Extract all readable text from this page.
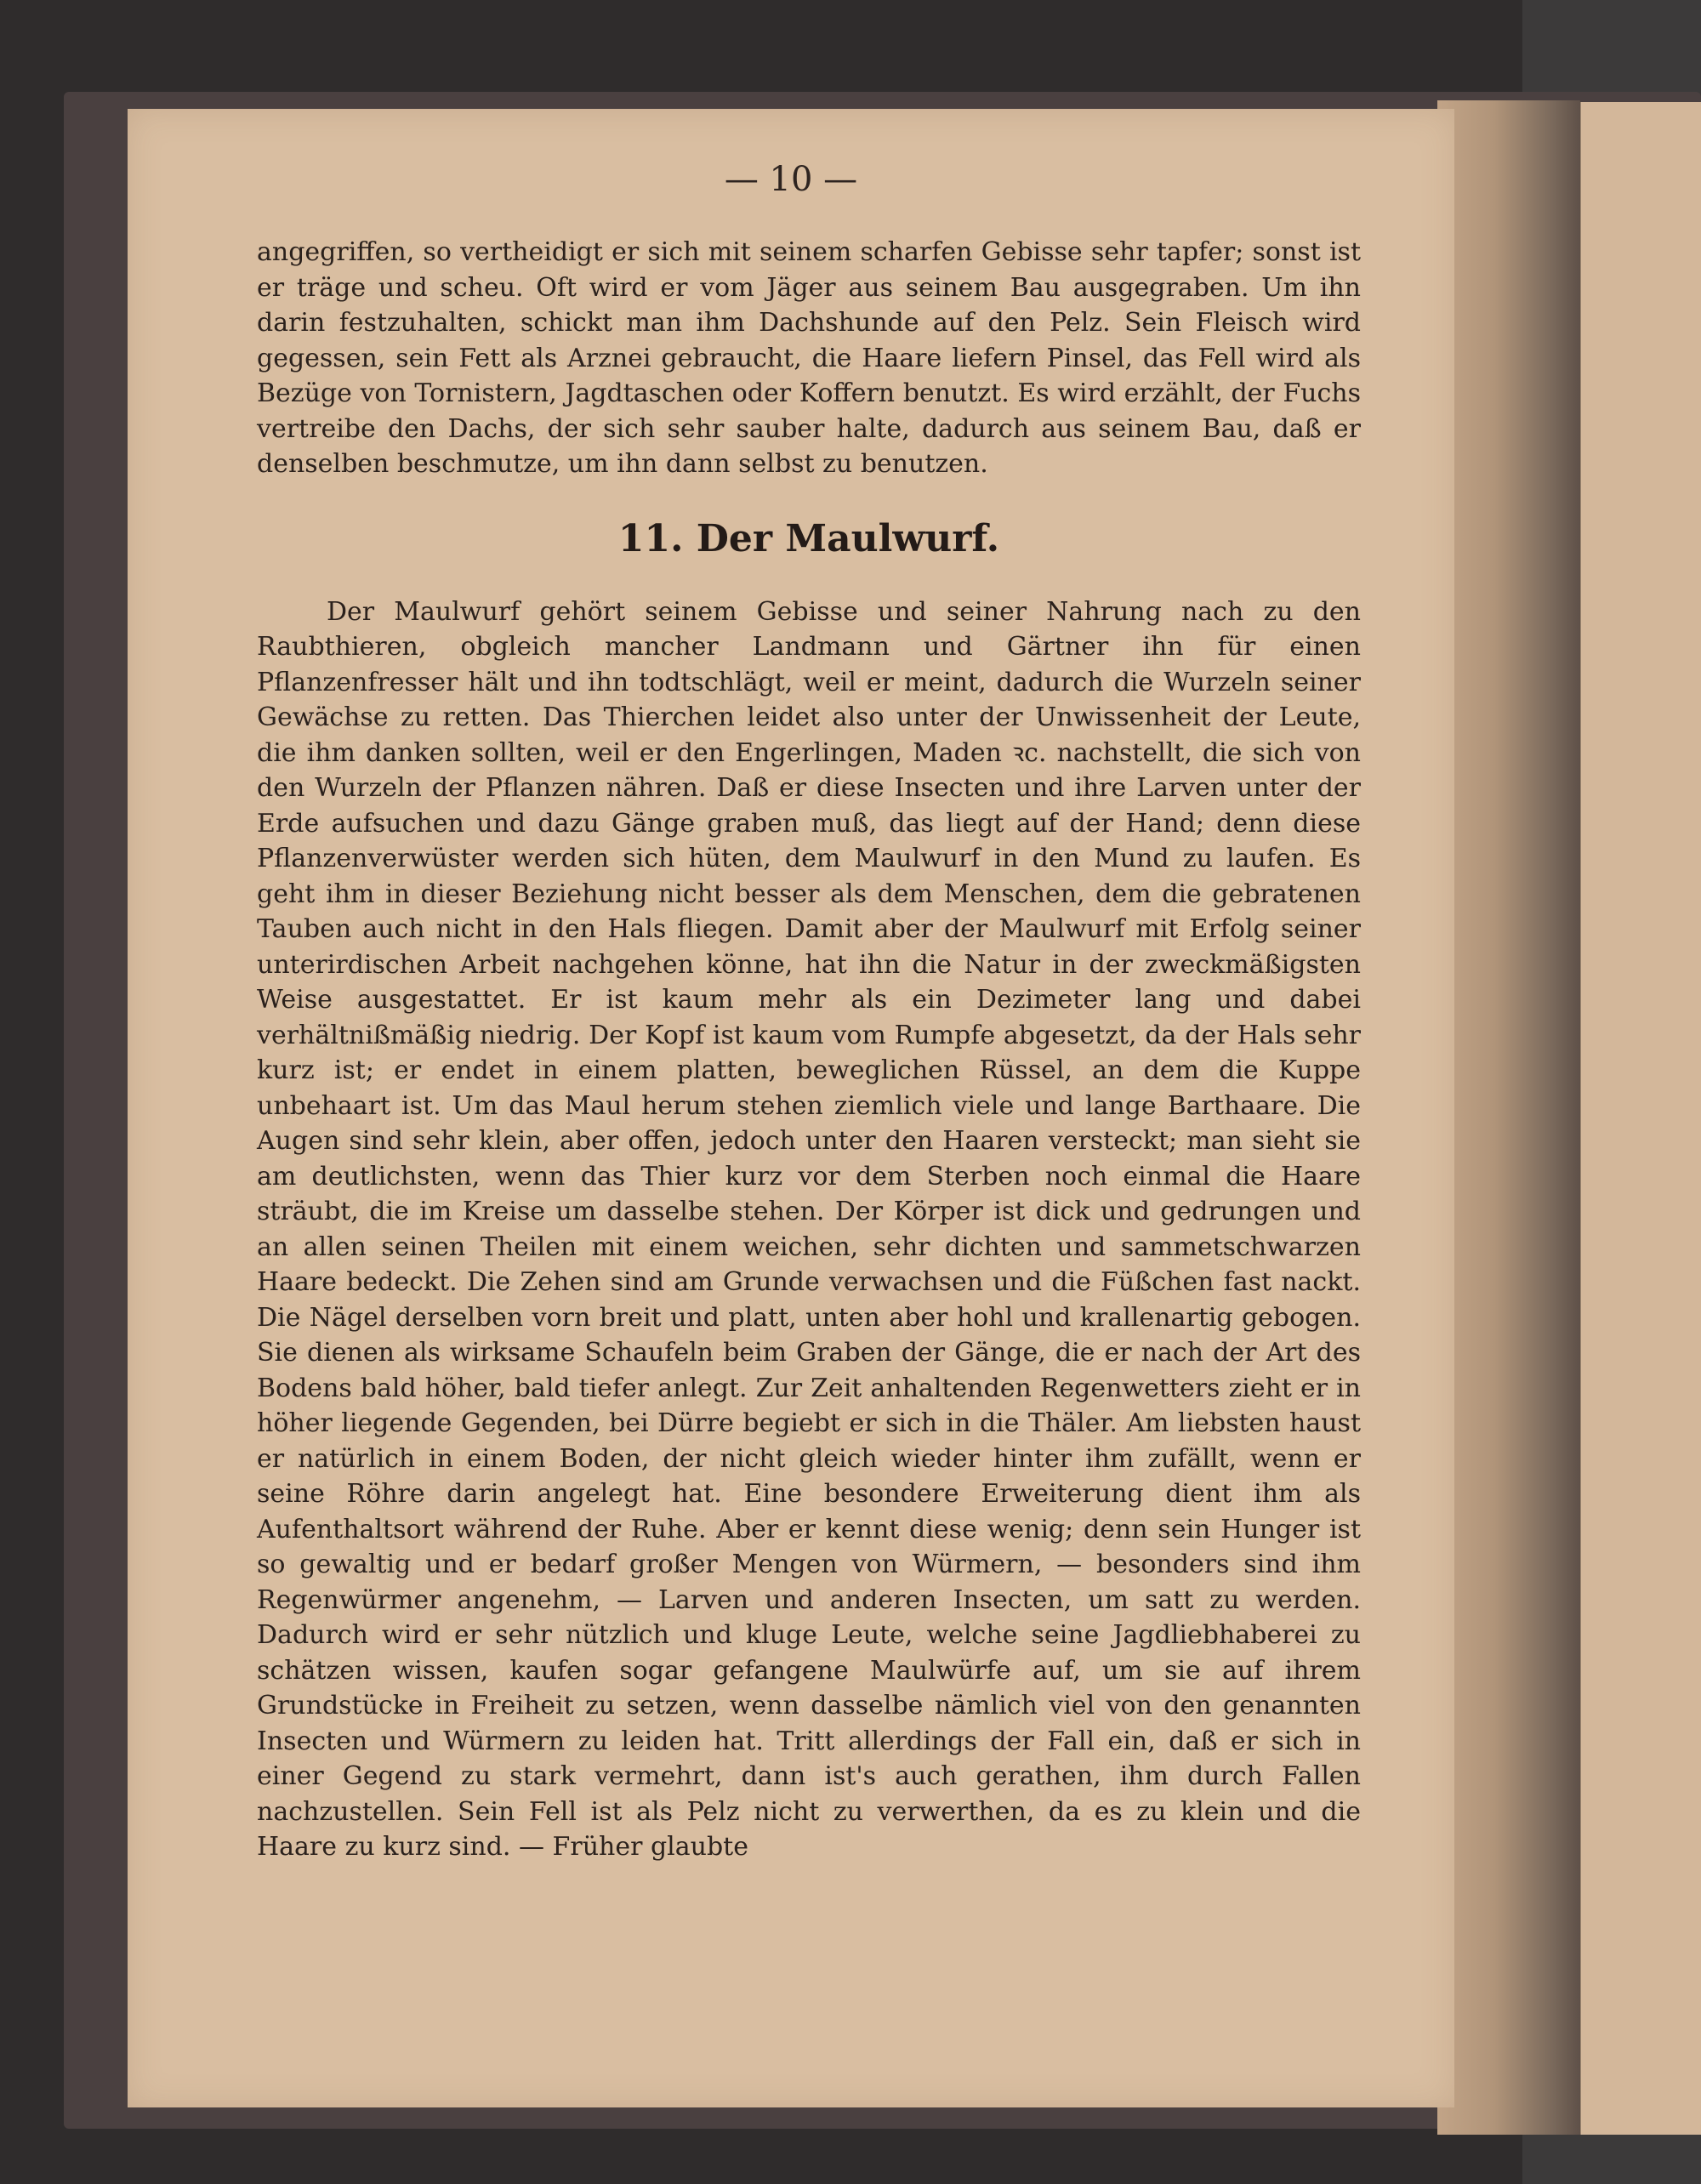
— 10 —

angegriffen, so vertheidigt er sich mit seinem scharfen Gebisse sehr tapfer; sonst ist er träge und scheu. Oft wird er vom Jäger aus seinem Bau ausgegraben. Um ihn darin festzuhalten, schickt man ihm Dachshunde auf den Pelz. Sein Fleisch wird gegessen, sein Fett als Arznei gebraucht, die Haare liefern Pinsel, das Fell wird als Bezüge von Tornistern, Jagdtaschen oder Koffern benutzt. Es wird erzählt, der Fuchs vertreibe den Dachs, der sich sehr sauber halte, dadurch aus seinem Bau, daß er denselben beschmutze, um ihn dann selbst zu benutzen.

11. Der Maulwurf.

Der Maulwurf gehört seinem Gebisse und seiner Nahrung nach zu den Raubthieren, obgleich mancher Landmann und Gärtner ihn für einen Pflanzenfresser hält und ihn todtschlägt, weil er meint, dadurch die Wurzeln seiner Gewächse zu retten. Das Thierchen leidet also unter der Unwissenheit der Leute, die ihm danken sollten, weil er den Engerlingen, Maden ꝛc. nachstellt, die sich von den Wurzeln der Pflanzen nähren. Daß er diese Insecten und ihre Larven unter der Erde aufsuchen und dazu Gänge graben muß, das liegt auf der Hand; denn diese Pflanzenverwüster werden sich hüten, dem Maulwurf in den Mund zu laufen. Es geht ihm in dieser Beziehung nicht besser als dem Menschen, dem die gebratenen Tauben auch nicht in den Hals fliegen. Damit aber der Maulwurf mit Erfolg seiner unterirdischen Arbeit nachgehen könne, hat ihn die Natur in der zweckmäßigsten Weise ausgestattet. Er ist kaum mehr als ein Dezimeter lang und dabei verhältnißmäßig niedrig. Der Kopf ist kaum vom Rumpfe abgesetzt, da der Hals sehr kurz ist; er endet in einem platten, beweglichen Rüssel, an dem die Kuppe unbehaart ist. Um das Maul herum stehen ziemlich viele und lange Barthaare. Die Augen sind sehr klein, aber offen, jedoch unter den Haaren versteckt; man sieht sie am deutlichsten, wenn das Thier kurz vor dem Sterben noch einmal die Haare sträubt, die im Kreise um dasselbe stehen. Der Körper ist dick und gedrungen und an allen seinen Theilen mit einem weichen, sehr dichten und sammetschwarzen Haare bedeckt. Die Zehen sind am Grunde verwachsen und die Füßchen fast nackt. Die Nägel derselben vorn breit und platt, unten aber hohl und krallenartig gebogen. Sie dienen als wirksame Schaufeln beim Graben der Gänge, die er nach der Art des Bodens bald höher, bald tiefer anlegt. Zur Zeit anhaltenden Regenwetters zieht er in höher liegende Gegenden, bei Dürre begiebt er sich in die Thäler. Am liebsten haust er natürlich in einem Boden, der nicht gleich wieder hinter ihm zufällt, wenn er seine Röhre darin angelegt hat. Eine besondere Erweiterung dient ihm als Aufenthaltsort während der Ruhe. Aber er kennt diese wenig; denn sein Hunger ist so gewaltig und er bedarf großer Mengen von Würmern, — besonders sind ihm Regenwürmer angenehm, — Larven und anderen Insecten, um satt zu werden. Dadurch wird er sehr nützlich und kluge Leute, welche seine Jagdliebhaberei zu schätzen wissen, kaufen sogar gefangene Maulwürfe auf, um sie auf ihrem Grundstücke in Freiheit zu setzen, wenn dasselbe nämlich viel von den genannten Insecten und Würmern zu leiden hat. Tritt allerdings der Fall ein, daß er sich in einer Gegend zu stark vermehrt, dann ist's auch gerathen, ihm durch Fallen nachzustellen. Sein Fell ist als Pelz nicht zu verwerthen, da es zu klein und die Haare zu kurz sind. — Früher glaubte
